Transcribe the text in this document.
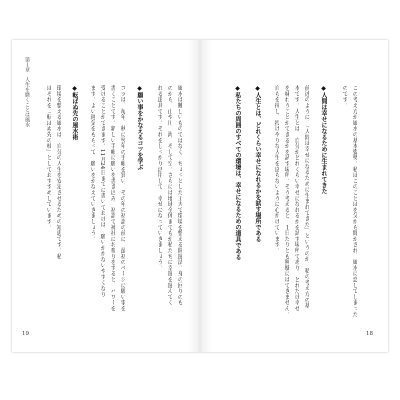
第１章　人生を磨くことは風水	風水は難しいものではなく、ちょっとした工夫で環境を整える開運法。身の回りのも
のから、山や川、海、そして空。さらには地球全体までもが私たちに幸運を運んでく
れる道具です。それをしっかり活用して、幸せになっていきましょう。
◆願い事をかなえるコツを学ぶ
コツは、毎年、秋に翌年の手帳を買い、その年の初詣の前に、最初のページに願い事を
書くことです。新しい手帳に願いを書き込み、初詣で神社にお参りをすると、パワーを
受けることができます。11月24日までに書いておけば、願いがかないやすくなり
ます。よい運気をもらって、願いをかなえていきましょう。
◆転ばぬ先の風水術
環境を整える風水は、自分の人生を安定させるための知恵です。私
はそれを「転ばぬ先の杖」としておすすめしています。
19
この考え方が風水の基本姿勢。私はこのことばを父から聞かされ、風水に恋してしまった
のです。
◆人間は幸せになるために生まれてきた
前述のように、「人間は幸せになるために生まれてきた」というのが、私の考え方の基
本です。人生とは、自分がどれくらい幸せになれるかを試す場所であり、どれだけ幸せ
を味わうことができるかを試す場所。そう考えると、１日たりとも無駄にはできません。
自らを律し、投げやりな人生を送らないように心がけています。
◆人生とは、どれくらい幸せになれるかを試す場所である
◆私たちの周囲のすべての環境は、幸せになるための道具である
18
